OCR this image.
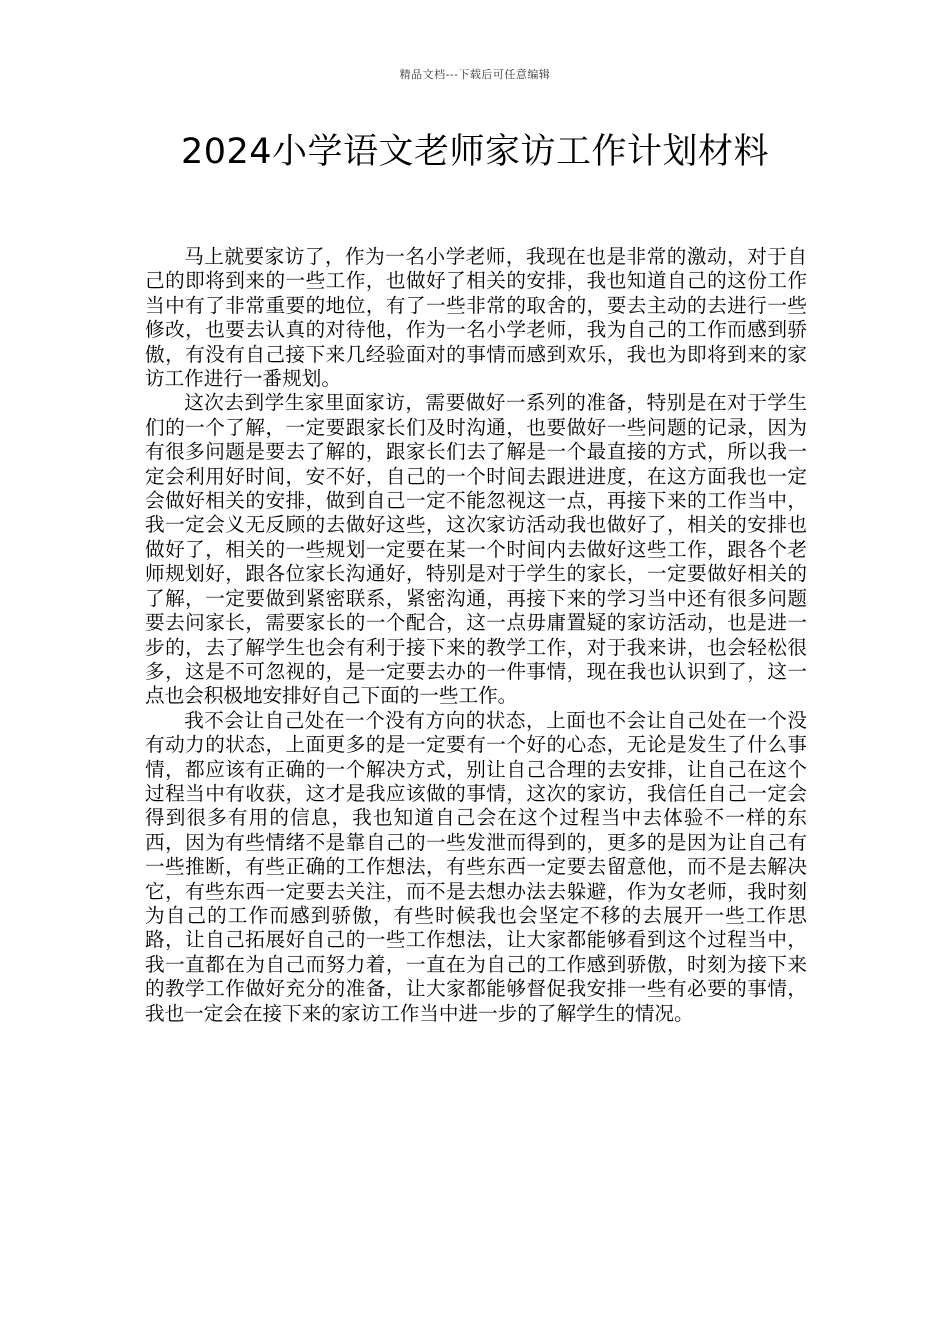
精品文档---下载后可任意编辑
2024小学语文老师家访工作计划材料

马上就要家访了，作为一名小学老师，我现在也是非常的激动，对于自己的即将到来的一些工作，也做好了相关的安排，我也知道自己的这份工作当中有了非常重要的地位，有了一些非常的取舍的，要去主动的去进行一些修改，也要去认真的对待他，作为一名小学老师，我为自己的工作而感到骄傲，有没有自己接下来几经验面对的事情而感到欢乐，我也为即将到来的家访工作进行一番规划。

这次去到学生家里面家访，需要做好一系列的准备，特别是在对于学生们的一个了解，一定要跟家长们及时沟通，也要做好一些问题的记录，因为有很多问题是要去了解的，跟家长们去了解是一个最直接的方式，所以我一定会利用好时间，安不好，自己的一个时间去跟进进度，在这方面我也一定会做好相关的安排，做到自己一定不能忽视这一点，再接下来的工作当中，我一定会义无反顾的去做好这些，这次家访活动我也做好了，相关的安排也做好了，相关的一些规划一定要在某一个时间内去做好这些工作，跟各个老师规划好，跟各位家长沟通好，特别是对于学生的家长，一定要做好相关的了解，一定要做到紧密联系，紧密沟通，再接下来的学习当中还有很多问题要去问家长，需要家长的一个配合，这一点毋庸置疑的家访活动，也是进一步的，去了解学生也会有利于接下来的教学工作，对于我来讲，也会轻松很多，这是不可忽视的，是一定要去办的一件事情，现在我也认识到了，这一点也会积极地安排好自己下面的一些工作。

我不会让自己处在一个没有方向的状态，上面也不会让自己处在一个没有动力的状态，上面更多的是一定要有一个好的心态，无论是发生了什么事情，都应该有正确的一个解决方式，别让自己合理的去安排，让自己在这个过程当中有收获，这才是我应该做的事情，这次的家访，我信任自己一定会得到很多有用的信息，我也知道自己会在这个过程当中去体验不一样的东西，因为有些情绪不是靠自己的一些发泄而得到的，更多的是因为让自己有一些推断，有些正确的工作想法，有些东西一定要去留意他，而不是去解决它，有些东西一定要去关注，而不是去想办法去躲避，作为女老师，我时刻为自己的工作而感到骄傲，有些时候我也会坚定不移的去展开一些工作思路，让自己拓展好自己的一些工作想法，让大家都能够看到这个过程当中，我一直都在为自己而努力着，一直在为自己的工作感到骄傲，时刻为接下来的教学工作做好充分的准备，让大家都能够督促我安排一些有必要的事情，我也一定会在接下来的家访工作当中进一步的了解学生的情况。
